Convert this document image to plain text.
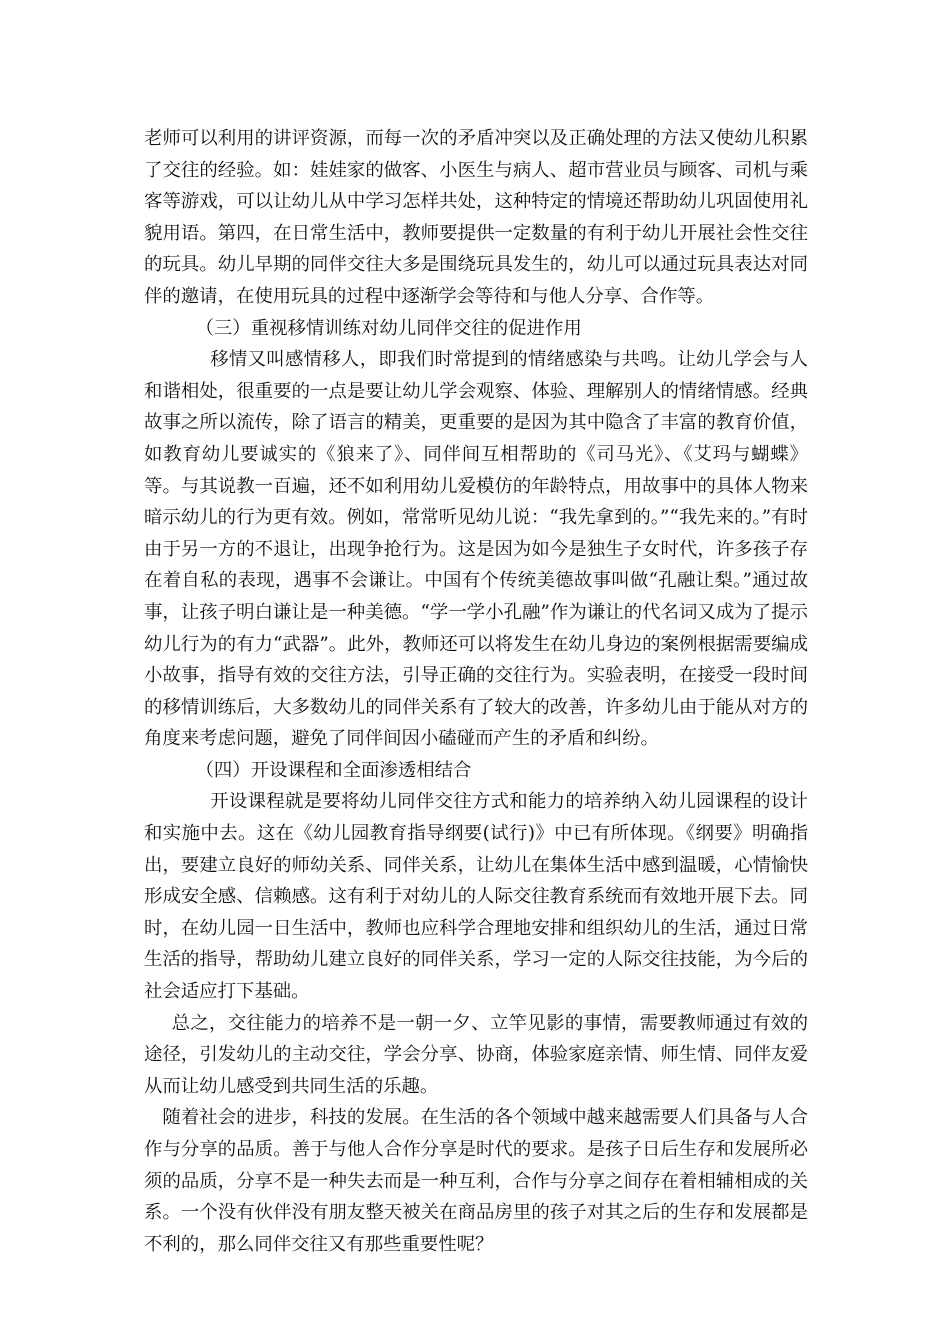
老师可以利用的讲评资源，而每一次的矛盾冲突以及正确处理的方法又使幼儿积累了交往的经验。如：娃娃家的做客、小医生与病人、超市营业员与顾客、司机与乘客等游戏，可以让幼儿从中学习怎样共处，这种特定的情境还帮助幼儿巩固使用礼貌用语。第四，在日常生活中，教师要提供一定数量的有利于幼儿开展社会性交往的玩具。幼儿早期的同伴交往大多是围绕玩具发生的，幼儿可以通过玩具表达对同伴的邀请，在使用玩具的过程中逐渐学会等待和与他人分享、合作等。

（三）重视移情训练对幼儿同伴交往的促进作用

移情又叫感情移人，即我们时常提到的情绪感染与共鸣。让幼儿学会与人和谐相处，很重要的一点是要让幼儿学会观察、体验、理解别人的情绪情感。经典故事之所以流传，除了语言的精美，更重要的是因为其中隐含了丰富的教育价值，如教育幼儿要诚实的《狼来了》、同伴间互相帮助的《司马光》、《艾玛与蝴蝶》等。与其说教一百遍，还不如利用幼儿爱模仿的年龄特点，用故事中的具体人物来暗示幼儿的行为更有效。例如，常常听见幼儿说：“我先拿到的。”“我先来的。”有时由于另一方的不退让，出现争抢行为。这是因为如今是独生子女时代，许多孩子存在着自私的表现，遇事不会谦让。中国有个传统美德故事叫做“孔融让梨。”通过故事，让孩子明白谦让是一种美德。“学一学小孔融”作为谦让的代名词又成为了提示幼儿行为的有力“武器”。此外，教师还可以将发生在幼儿身边的案例根据需要编成小故事，指导有效的交往方法，引导正确的交往行为。实验表明，在接受一段时间的移情训练后，大多数幼儿的同伴关系有了较大的改善，许多幼儿由于能从对方的角度来考虑问题，避免了同伴间因小磕碰而产生的矛盾和纠纷。

（四）开设课程和全面渗透相结合

开设课程就是要将幼儿同伴交往方式和能力的培养纳入幼儿园课程的设计和实施中去。这在《幼儿园教育指导纲要(试行)》中已有所体现。《纲要》明确指出，要建立良好的师幼关系、同伴关系，让幼儿在集体生活中感到温暖，心情愉快形成安全感、信赖感。这有利于对幼儿的人际交往教育系统而有效地开展下去。同时，在幼儿园一日生活中，教师也应科学合理地安排和组织幼儿的生活，通过日常生活的指导，帮助幼儿建立良好的同伴关系，学习一定的人际交往技能，为今后的社会适应打下基础。

总之，交往能力的培养不是一朝一夕、立竿见影的事情，需要教师通过有效的途径，引发幼儿的主动交往，学会分享、协商，体验家庭亲情、师生情、同伴友爱从而让幼儿感受到共同生活的乐趣。

随着社会的进步，科技的发展。在生活的各个领域中越来越需要人们具备与人合作与分享的品质。善于与他人合作分享是时代的要求。是孩子日后生存和发展所必须的品质，分享不是一种失去而是一种互利，合作与分享之间存在着相辅相成的关系。一个没有伙伴没有朋友整天被关在商品房里的孩子对其之后的生存和发展都是不利的，那么同伴交往又有那些重要性呢？
